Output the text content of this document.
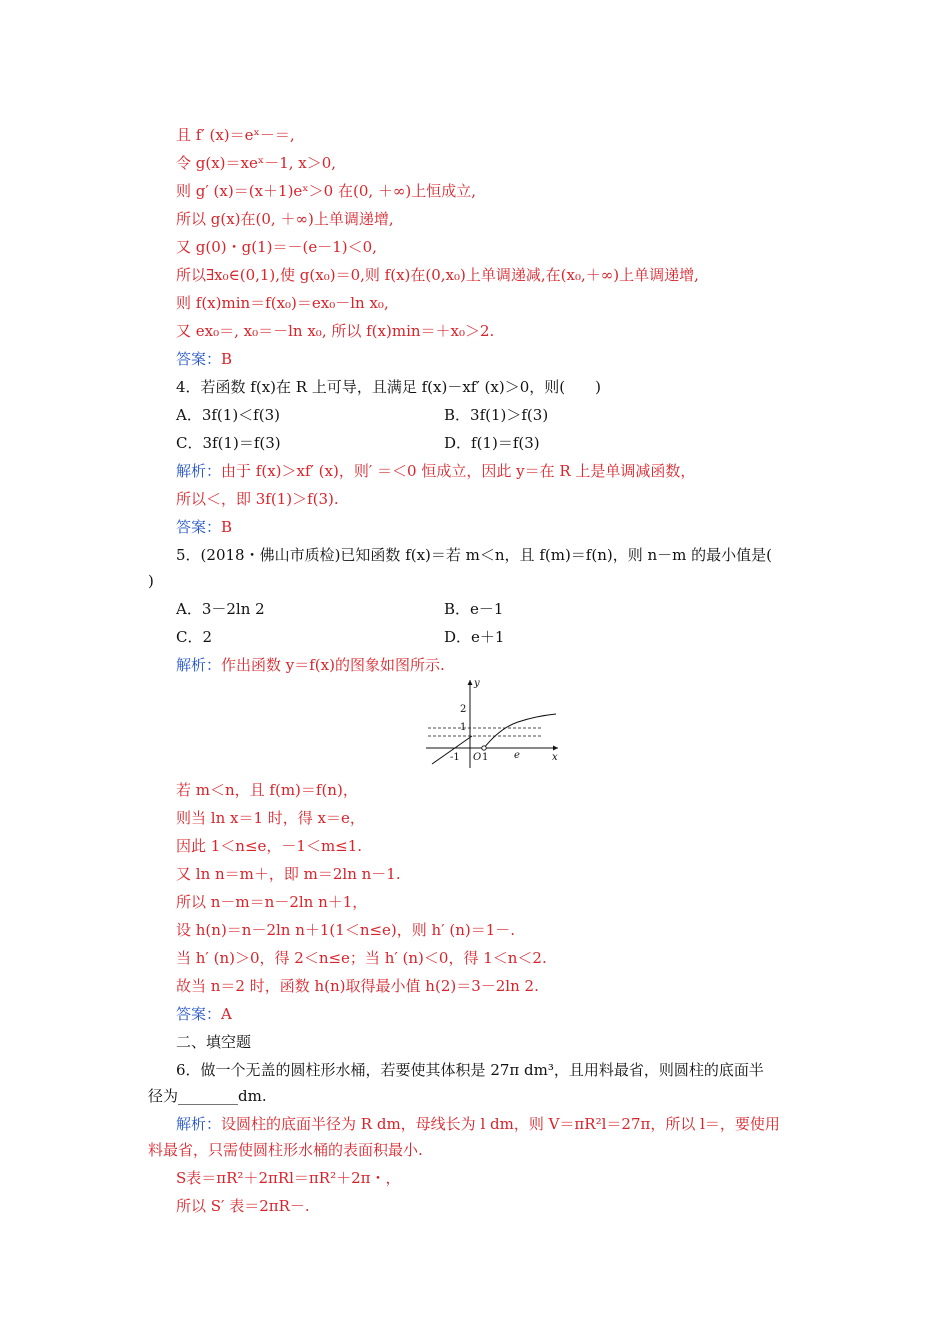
且 f′ (x)＝eˣ－＝,
令 g(x)＝xeˣ－1, x＞0,
则 g′ (x)＝(x＋1)eˣ＞0 在(0, ＋∞)上恒成立,
所以 g(x)在(0, ＋∞)上单调递增,
又 g(0)・g(1)＝－(e－1)＜0,
所以∃x₀∈(0,1),使 g(x₀)＝0,则 f(x)在(0,x₀)上单调递减,在(x₀,＋∞)上单调递增,
则 f(x)min＝f(x₀)＝ex₀－ln x₀,
又 ex₀＝, x₀＝－ln x₀, 所以 f(x)min＝＋x₀＞2.
答案：B
4．若函数 f(x)在 R 上可导，且满足 f(x)－xf′ (x)＞0，则(　　)
A．3f(1)＜f(3)	B．3f(1)＞f(3)
C．3f(1)＝f(3)	D．f(1)＝f(3)
解析：由于 f(x)＞xf′ (x)，则′ ＝＜0 恒成立，因此 y＝在 R 上是单调减函数，
所以＜，即 3f(1)＞f(3).
答案：B
5．(2018・佛山市质检)已知函数 f(x)＝若 m＜n，且 f(m)＝f(n)，则 n－m 的最小值是(
)
A．3－2ln 2	B．e－1
C．2	D．e＋1
解析：作出函数 y＝f(x)的图象如图所示.
y
x
2
1
-1 O 1	e
若 m＜n，且 f(m)＝f(n)，
则当 ln x＝1 时，得 x＝e，
因此 1＜n≤e，－1＜m≤1.
又 ln n＝m＋，即 m＝2ln n－1.
所以 n－m＝n－2ln n＋1，
设 h(n)＝n－2ln n＋1(1＜n≤e)，则 h′ (n)＝1－.
当 h′ (n)＞0，得 2＜n≤e；当 h′ (n)＜0，得 1＜n＜2.
故当 n＝2 时，函数 h(n)取得最小值 h(2)＝3－2ln 2.
答案：A
二、填空题
6．做一个无盖的圆柱形水桶，若要使其体积是 27π dm³，且用料最省，则圆柱的底面半
径为________dm.
解析：设圆柱的底面半径为 R dm，母线长为 l dm，则 V＝πR²l＝27π，所以 l＝，要使用
料最省，只需使圆柱形水桶的表面积最小.
S表＝πR²＋2πRl＝πR²＋2π・，
所以 S′ 表＝2πR－.
